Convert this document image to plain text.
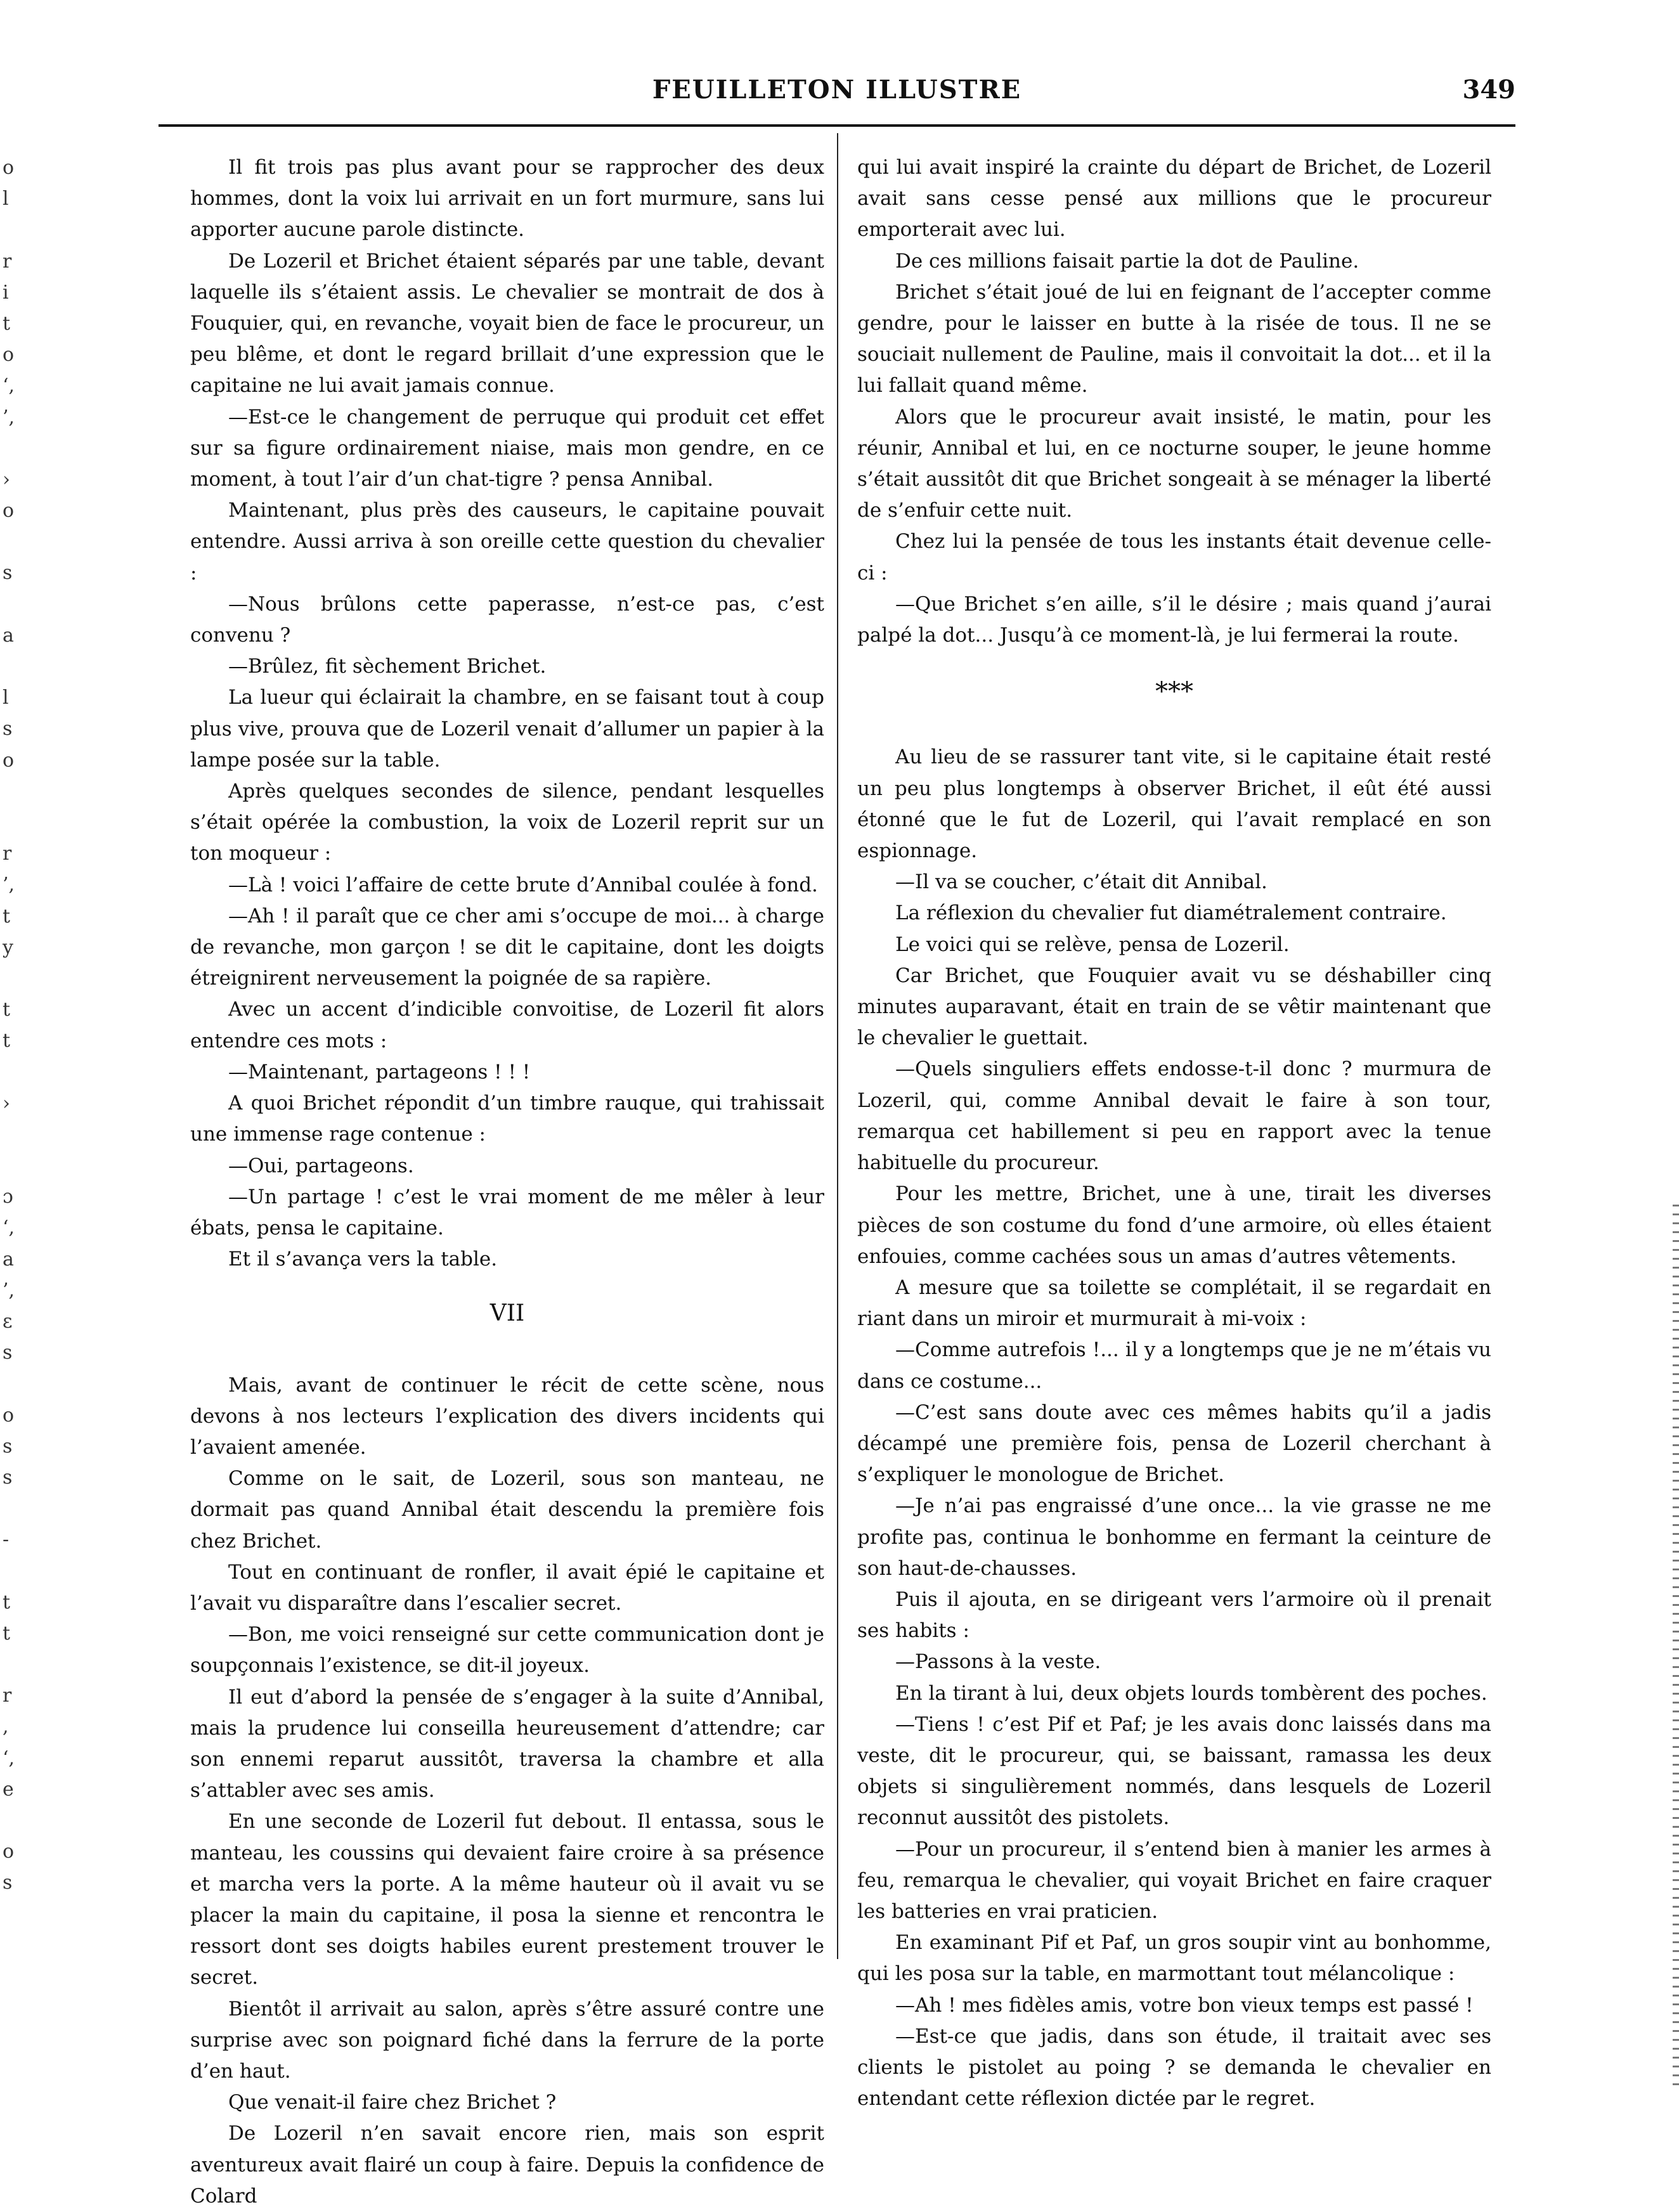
FEUILLETON ILLUSTRE	349
o
l
r
i
t
o
‘,
’,
›
o
s
a
l
s
o
r
’,
t
y
t
t
›
ɔ
‘,
a
’,
ɛ
s
o
s
s
-
t
t
r
,
‘,
e
o
s

Il fit trois pas plus avant pour se rapprocher des deux hommes, dont la voix lui arrivait en un fort murmure, sans lui apporter aucune parole distincte.

De Lozeril et Brichet étaient séparés par une table, devant laquelle ils s’étaient assis. Le chevalier se montrait de dos à Fouquier, qui, en revanche, voyait bien de face le procureur, un peu blême, et dont le regard brillait d’une expression que le capitaine ne lui avait jamais connue.

—Est-ce le changement de perruque qui produit cet effet sur sa figure ordinairement niaise, mais mon gendre, en ce moment, à tout l’air d’un chat-tigre ? pensa Annibal.

Maintenant, plus près des causeurs, le capitaine pouvait entendre. Aussi arriva à son oreille cette question du chevalier :

—Nous brûlons cette paperasse, n’est-ce pas, c’est convenu ?

—Brûlez, fit sèchement Brichet.

La lueur qui éclairait la chambre, en se faisant tout à coup plus vive, prouva que de Lozeril venait d’allumer un papier à la lampe posée sur la table.

Après quelques secondes de silence, pendant lesquelles s’était opérée la combustion, la voix de Lozeril reprit sur un ton moqueur :

—Là ! voici l’affaire de cette brute d’Annibal coulée à fond.

—Ah ! il paraît que ce cher ami s’occupe de moi... à charge de revanche, mon garçon ! se dit le capitaine, dont les doigts étreignirent nerveusement la poignée de sa rapière.

Avec un accent d’indicible convoitise, de Lozeril fit alors entendre ces mots :

—Maintenant, partageons ! ! !

A quoi Brichet répondit d’un timbre rauque, qui trahissait une immense rage contenue :

—Oui, partageons.

—Un partage ! c’est le vrai moment de me mêler à leur ébats, pensa le capitaine.

Et il s’avança vers la table.

VII

Mais, avant de continuer le récit de cette scène, nous devons à nos lecteurs l’explication des divers incidents qui l’avaient amenée.

Comme on le sait, de Lozeril, sous son manteau, ne dormait pas quand Annibal était descendu la première fois chez Brichet.

Tout en continuant de ronfler, il avait épié le capitaine et l’avait vu disparaître dans l’escalier secret.

—Bon, me voici renseigné sur cette communication dont je soupçonnais l’existence, se dit-il joyeux.

Il eut d’abord la pensée de s’engager à la suite d’Annibal, mais la prudence lui conseilla heureusement d’attendre; car son ennemi reparut aussitôt, traversa la chambre et alla s’attabler avec ses amis.

En une seconde de Lozeril fut debout. Il entassa, sous le manteau, les coussins qui devaient faire croire à sa présence et marcha vers la porte. A la même hauteur où il avait vu se placer la main du capitaine, il posa la sienne et rencontra le ressort dont ses doigts habiles eurent prestement trouver le secret.

Bientôt il arrivait au salon, après s’être assuré contre une surprise avec son poignard fiché dans la ferrure de la porte d’en haut.

Que venait-il faire chez Brichet ?

De Lozeril n’en savait encore rien, mais son esprit aventureux avait flairé un coup à faire. Depuis la confidence de Colard

qui lui avait inspiré la crainte du départ de Brichet, de Lozeril avait sans cesse pensé aux millions que le procureur emporterait avec lui.

De ces millions faisait partie la dot de Pauline.

Brichet s’était joué de lui en feignant de l’accepter comme gendre, pour le laisser en butte à la risée de tous. Il ne se souciait nullement de Pauline, mais il convoitait la dot... et il la lui fallait quand même.

Alors que le procureur avait insisté, le matin, pour les réunir, Annibal et lui, en ce nocturne souper, le jeune homme s’était aussitôt dit que Brichet songeait à se ménager la liberté de s’enfuir cette nuit.

Chez lui la pensée de tous les instants était devenue celle-ci :

—Que Brichet s’en aille, s’il le désire ; mais quand j’aurai palpé la dot... Jusqu’à ce moment-là, je lui fermerai la route.

***

Au lieu de se rassurer tant vite, si le capitaine était resté un peu plus longtemps à observer Brichet, il eût été aussi étonné que le fut de Lozeril, qui l’avait remplacé en son espionnage.

—Il va se coucher, c’était dit Annibal.

La réflexion du chevalier fut diamétralement contraire.

Le voici qui se relève, pensa de Lozeril.

Car Brichet, que Fouquier avait vu se déshabiller cinq minutes auparavant, était en train de se vêtir maintenant que le chevalier le guettait.

—Quels singuliers effets endosse-t-il donc ? murmura de Lozeril, qui, comme Annibal devait le faire à son tour, remarqua cet habillement si peu en rapport avec la tenue habituelle du procureur.

Pour les mettre, Brichet, une à une, tirait les diverses pièces de son costume du fond d’une armoire, où elles étaient enfouies, comme cachées sous un amas d’autres vêtements.

A mesure que sa toilette se complétait, il se regardait en riant dans un miroir et murmurait à mi-voix :

—Comme autrefois !... il y a longtemps que je ne m’étais vu dans ce costume...

—C’est sans doute avec ces mêmes habits qu’il a jadis décampé une première fois, pensa de Lozeril cherchant à s’expliquer le monologue de Brichet.

—Je n’ai pas engraissé d’une once... la vie grasse ne me profite pas, continua le bonhomme en fermant la ceinture de son haut-de-chausses.

Puis il ajouta, en se dirigeant vers l’armoire où il prenait ses habits :

—Passons à la veste.

En la tirant à lui, deux objets lourds tombèrent des poches.

—Tiens ! c’est Pif et Paf; je les avais donc laissés dans ma veste, dit le procureur, qui, se baissant, ramassa les deux objets si singulièrement nommés, dans lesquels de Lozeril reconnut aussitôt des pistolets.

—Pour un procureur, il s’entend bien à manier les armes à feu, remarqua le chevalier, qui voyait Brichet en faire craquer les batteries en vrai praticien.

En examinant Pif et Paf, un gros soupir vint au bonhomme, qui les posa sur la table, en marmottant tout mélancolique :

—Ah ! mes fidèles amis, votre bon vieux temps est passé !

—Est-ce que jadis, dans son étude, il traitait avec ses clients le pistolet au poing ? se demanda le chevalier en entendant cette réflexion dictée par le regret.
